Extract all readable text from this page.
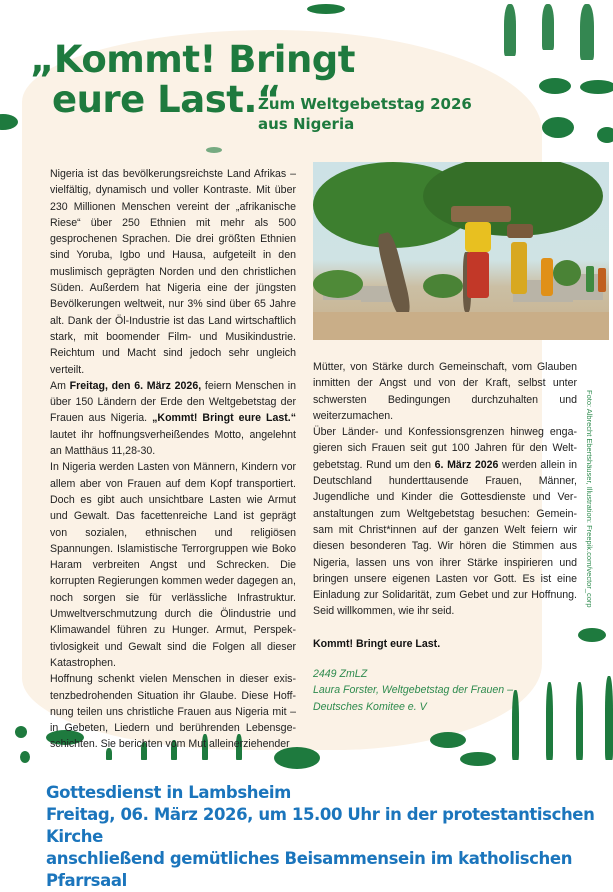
„Kommt! Bringt
eure Last.“
Zum Weltgebetstag 2026
aus Nigeria

Nigeria ist das bevölkerungsreichste Land Afrikas – vielfältig, dynamisch und voller Kontraste. Mit über 230 Millionen Menschen vereint der „afrikanische Riese“ über 250 Ethnien mit mehr als 500 gesprochenen Sprachen. Die drei größten Ethnien sind Yoruba, Igbo und Hausa, aufgeteilt in den muslimisch geprägten Norden und den christlichen Süden. Außerdem hat Nigeria eine der jüngsten Bevölkerungen weltweit, nur 3% sind über 65 Jahre alt. Dank der Öl-Industrie ist das Land wirtschaftlich stark, mit boomender Film- und Musikindustrie. Reichtum und Macht sind jedoch sehr ungleich verteilt.

Am Freitag, den 6. März 2026, feiern Menschen in über 150 Ländern der Erde den Weltgebetstag der Frauen aus Nigeria. „Kommt! Bringt eure Last.“ lautet ihr hoffnungsverheißendes Motto, angelehnt an Matthäus 11,28-30.

In Nigeria werden Lasten von Männern, Kindern vor allem aber von Frauen auf dem Kopf transportiert. Doch es gibt auch unsichtbare Lasten wie Armut und Gewalt. Das facettenreiche Land ist geprägt von sozialen, ethnischen und religiösen Spannungen. Islamistische Terrorgruppen wie Boko Haram verbreiten Angst und Schrecken. Die korrupten Regierungen kommen weder dagegen an, noch sorgen sie für verlässliche Infrastruktur. Umweltverschmutzung durch die Ölindustrie und Klimawandel führen zu Hunger. Armut, Perspektivlosigkeit und Gewalt sind die Folgen all dieser Katastrophen.

Hoffnung schenkt vielen Menschen in dieser existenzbedrohenden Situation ihr Glaube. Diese Hoffnung teilen uns christliche Frauen aus Nigeria mit – in Gebeten, Liedern und berührenden Lebensgeschichten. Sie berichten vom Mut alleinerziehender

Mütter, von Stärke durch Gemeinschaft, vom Glauben inmitten der Angst und von der Kraft, selbst unter schwersten Bedingungen durchzuhalten und weiterzumachen.

Über Länder- und Konfessionsgrenzen hinweg engagieren sich Frauen seit gut 100 Jahren für den Weltgebetstag. Rund um den 6. März 2026 werden allein in Deutschland hunderttausende Frauen, Männer, Jugendliche und Kinder die Gottesdienste und Veranstaltungen zum Weltgebetstag besuchen: Gemeinsam mit Christ*innen auf der ganzen Welt feiern wir diesen besonderen Tag. Wir hören die Stimmen aus Nigeria, lassen uns von ihrer Stärke inspirieren und bringen unsere eigenen Lasten vor Gott. Es ist eine Einladung zur Solidarität, zum Gebet und zur Hoffnung. Seid willkommen, wie ihr seid.

Kommt! Bringt eure Last.

2449 ZmLZ
Laura Forster, Weltgebetstag der Frauen –
Deutsches Komitee e. V

Foto: Albrecht Ebertshäuser, Illustration: Freepik.com/vector_corp
Gottesdienst in Lambsheim
Freitag, 06. März 2026, um 15.00 Uhr in der protestantischen Kirche
anschließend gemütliches Beisammensein im katholischen Pfarrsaal
